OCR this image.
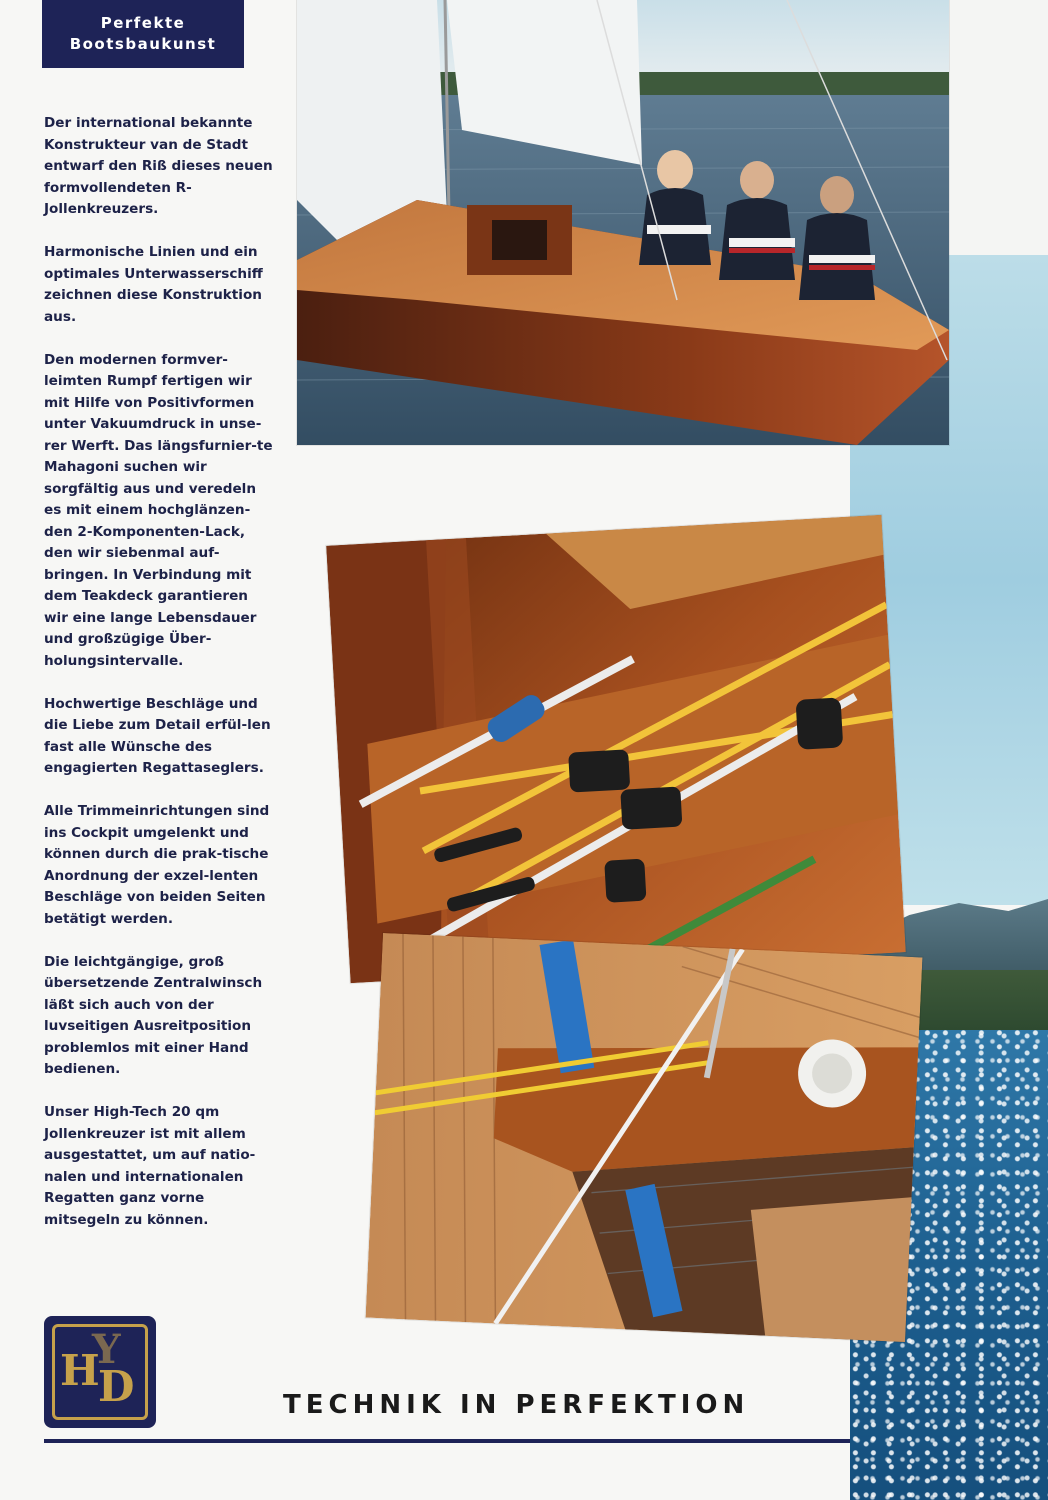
Perfekte
Bootsbaukunst

Der international bekannte Konstrukteur van de Stadt entwarf den Riß dieses neuen formvollendeten R-Jollenkreuzers.

Harmonische Linien und ein optimales Unterwasserschiff zeichnen diese Konstruktion aus.

Den modernen formver-leimten Rumpf fertigen wir mit Hilfe von Positivformen unter Vakuumdruck in unse-rer Werft. Das längsfurnier-te Mahagoni suchen wir sorgfältig aus und veredeln es mit einem hochglänzen-den 2-Komponenten-Lack, den wir siebenmal auf-bringen. In Verbindung mit dem Teakdeck garantieren wir eine lange Lebensdauer und großzügige Über-holungsintervalle.

Hochwertige Beschläge und die Liebe zum Detail erfül-len fast alle Wünsche des engagierten Regattaseglers.

Alle Trimmeinrichtungen sind ins Cockpit umgelenkt und können durch die prak-tische Anordnung der exzel-lenten Beschläge von beiden Seiten betätigt werden.

Die leichtgängige, groß übersetzende Zentralwinsch läßt sich auch von der luvseitigen Ausreitposition problemlos mit einer Hand bedienen.

Unser High-Tech 20 qm Jollenkreuzer ist mit allem ausgestattet, um auf natio-nalen und internationalen Regatten ganz vorne mitsegeln zu können.

Y
H
D	TECHNIK IN PERFEKTION
